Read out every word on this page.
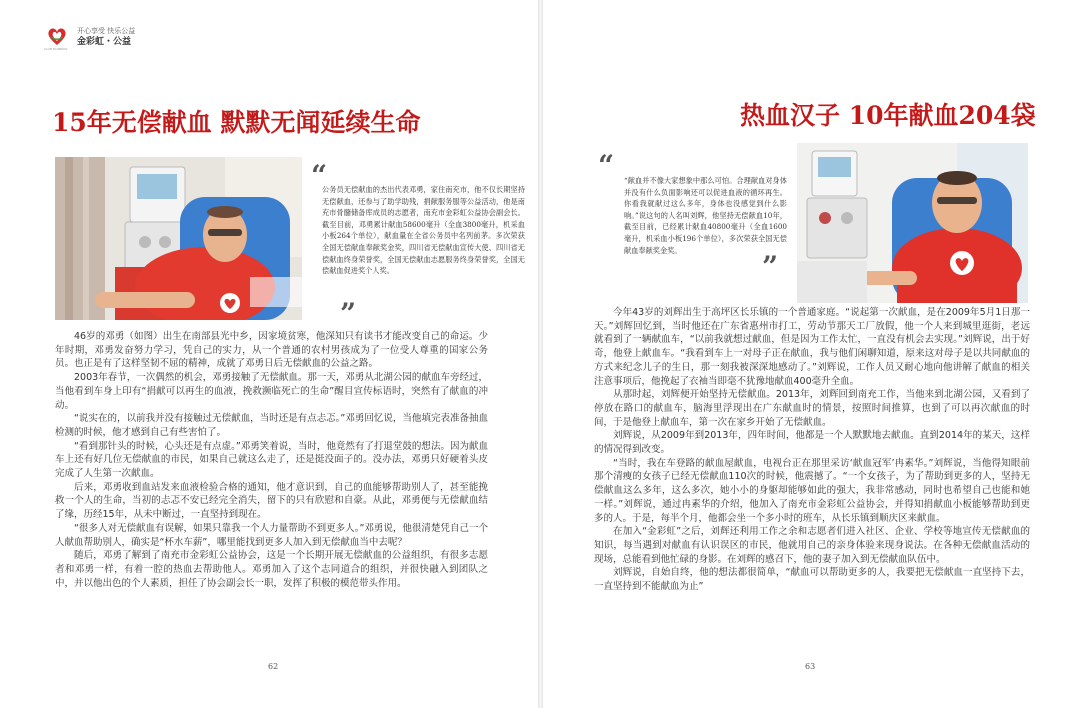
CLUB RAINBOW
开心享受 快乐公益
金彩虹・公益
15年无偿献血 默默无闻延续生命
“
公务员无偿献血的杰出代表邓勇，家住南充市，他不仅长期坚持无偿献血，还参与了助学助残，捐献服务服等公益活动，他是南充市骨髓储备库成员的志愿者，南充市金彩虹公益协会副会长。截至目前，邓勇累计献血58600毫升（全血3800毫升，机采血小板264个单位），献血量在全省公务员中名列前茅。多次荣获全国无偿献血奉献奖金奖，四川省无偿献血宣传大使、四川省无偿献血终身荣誉奖，全国无偿献血志愿服务终身荣誉奖，全国无偿献血促进奖个人奖。
”

46岁的邓勇（如图）出生在南部县光中乡，因家境贫寒，他深知只有读书才能改变自己的命运。少年时期，邓勇发奋努力学习，凭自己的实力，从一个普通的农村男孩成为了一位受人尊重的国家公务员。也正是有了这样坚韧不屈的精神，成就了邓勇日后无偿献血的公益之路。

2003年春节，一次偶然的机会，邓勇接触了无偿献血。那一天，邓勇从北湖公园的献血车旁经过，当他看到车身上印有“捐献可以再生的血液，挽救濒临死亡的生命”醒目宣传标语时，突然有了献血的冲动。

“说实在的，以前我并没有接触过无偿献血，当时还是有点忐忑。”邓勇回忆说，当他填完表准备抽血检测的时候，他才感到自己有些害怕了。

“看到那针头的时候，心头还是有点虚。”邓勇笑着说，当时，他竟然有了打退堂鼓的想法。因为献血车上还有好几位无偿献血的市民，如果自己就这么走了，还是挺没面子的。没办法，邓勇只好硬着头皮完成了人生第一次献血。

后来，邓勇收到血站发来血液检验合格的通知，他才意识到，自己的血能够帮助别人了，甚至能挽救一个人的生命，当初的忐忑不安已经完全消失，留下的只有欣慰和自豪。从此，邓勇便与无偿献血结了缘，历经15年，从未中断过，一直坚持到现在。

“很多人对无偿献血有误解，如果只靠我一个人力量帮助不到更多人。”邓勇说，他很清楚凭自己一个人献血帮助别人，确实是“杯水车薪”，哪里能找到更多人加入到无偿献血当中去呢？

随后，邓勇了解到了南充市金彩虹公益协会，这是一个长期开展无偿献血的公益组织，有很多志愿者和邓勇一样，有着一腔的热血去帮助他人。邓勇加入了这个志同道合的组织，并很快融入到团队之中，并以他出色的个人素质，担任了协会副会长一职，发挥了积极的模范带头作用。

62
热血汉子 10年献血204袋
“ “献血并不像大家想象中那么可怕。合理献血对身体并没有什么负面影响还可以促进血液的循环再生。你看我就献过这么多年，身体也没感觉到什么影响。”说这句的人名叫刘辉，他坚持无偿献血10年，截至目前，已经累计献血40800毫升（全血1600毫升，机采血小板196个单位），多次荣获全国无偿献血奉献奖金奖。	”

今年43岁的刘辉出生于高坪区长乐镇的一个普通家庭。“说起第一次献血，是在2009年5月1日那一天。”刘辉回忆到，当时他还在广东省惠州市打工，劳动节那天工厂放假，他一个人来到城里逛街，老远就看到了一辆献血车，“以前我就想过献血，但是因为工作太忙，一直没有机会去实现。”刘辉说，出于好奇，他登上献血车。“我看到车上一对母子正在献血，我与他们闲聊知道，原来这对母子是以共同献血的方式来纪念儿子的生日，那一刻我被深深地感动了。”刘辉说，工作人员又耐心地向他讲解了献血的相关注意事项后，他挽起了衣袖当即毫不犹豫地献血400毫升全血。

从那时起，刘辉便开始坚持无偿献血。2013年，刘辉回到南充工作，当他来到北湖公园，又看到了停放在路口的献血车，脑海里浮现出在广东献血时的情景，按照时间推算，也到了可以再次献血的时间，于是他登上献血车，第一次在家乡开始了无偿献血。

刘辉说，从2009年到2013年，四年时间，他都是一个人默默地去献血。直到2014年的某天，这样的情况得到改变。

“当时，我在车登路的献血屋献血，电视台正在那里采访‘献血冠军’冉素华。”刘辉说，当他得知眼前那个清瘦的女孩子已经无偿献血110次的时候，他震撼了。“一个女孩子，为了帮助到更多的人，坚持无偿献血这么多年，这么多次，她小小的身躯却能够如此的强大，我非常感动，同时也希望自己也能和她一样。”刘辉说，通过冉素华的介绍，他加入了南充市金彩虹公益协会，并得知捐献血小板能够帮助到更多的人。于是，每半个月，他都会坐一个多小时的班车，从长乐镇到顺庆区来献血。

在加入“金彩虹”之后，刘辉还利用工作之余和志愿者们进入社区、企业、学校等地宣传无偿献血的知识，每当遇到对献血有认识误区的市民，他就用自己的亲身体验来现身说法。在各种无偿献血活动的现场，总能看到他忙碌的身影。在刘辉的感召下，他的妻子加入到无偿献血队伍中。

刘辉说，自始自终，他的想法都很简单，“献血可以帮助更多的人，我要把无偿献血一直坚持下去，一直坚持到不能献血为止”

63
